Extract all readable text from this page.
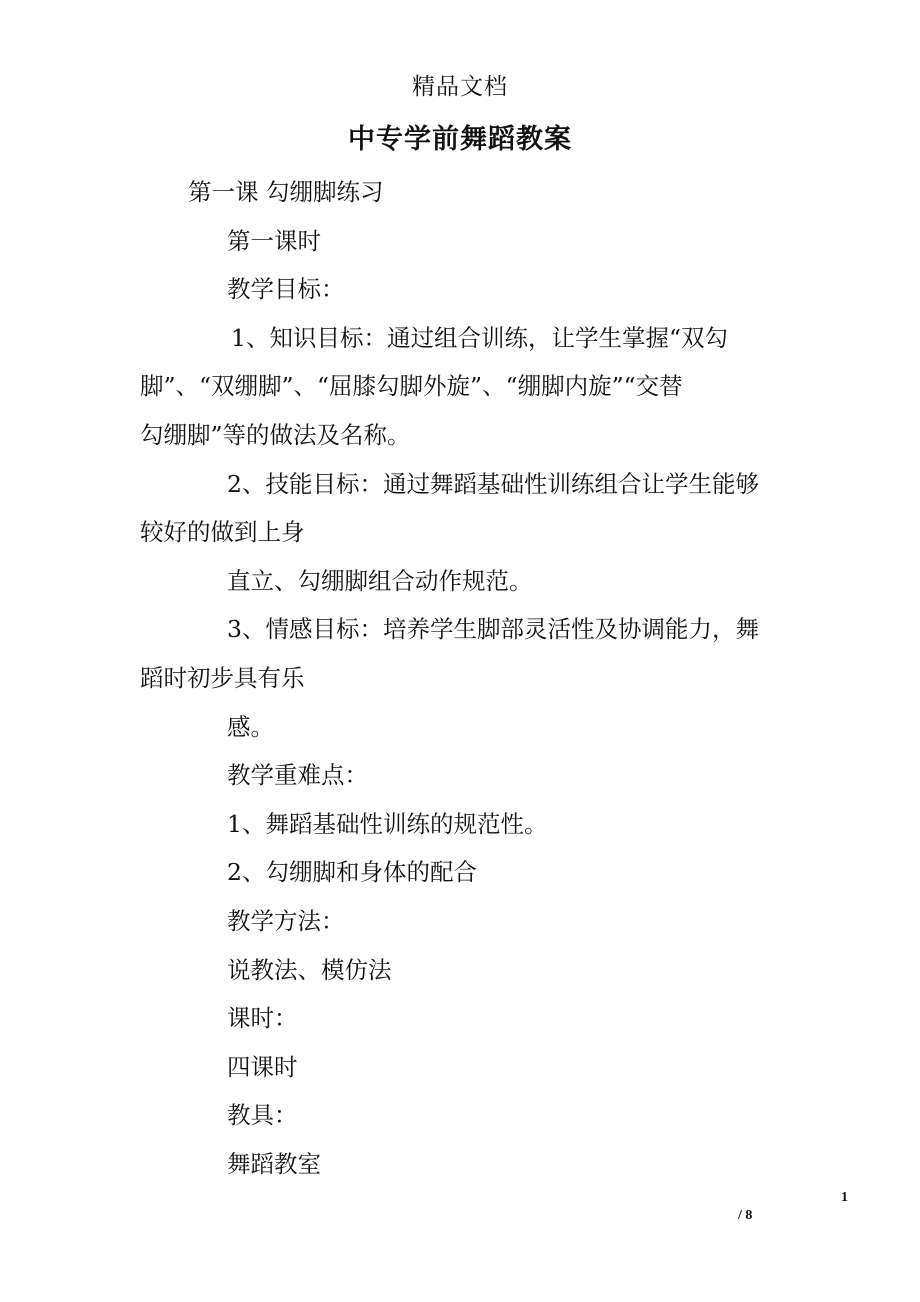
精品文档
中专学前舞蹈教案
第一课 勾绷脚练习
第一课时
教学目标：
1、知识目标：通过组合训练，让学生掌握“双勾
脚”、“双绷脚”、“屈膝勾脚外旋”、“绷脚内旋”“交替
勾绷脚”等的做法及名称。
2、技能目标：通过舞蹈基础性训练组合让学生能够
较好的做到上身
直立、勾绷脚组合动作规范。
3、情感目标：培养学生脚部灵活性及协调能力，舞
蹈时初步具有乐
感。
教学重难点：
1、舞蹈基础性训练的规范性。
2、勾绷脚和身体的配合
教学方法：
说教法、模仿法
课时：
四课时
教具：
舞蹈教室
1
/ 8
